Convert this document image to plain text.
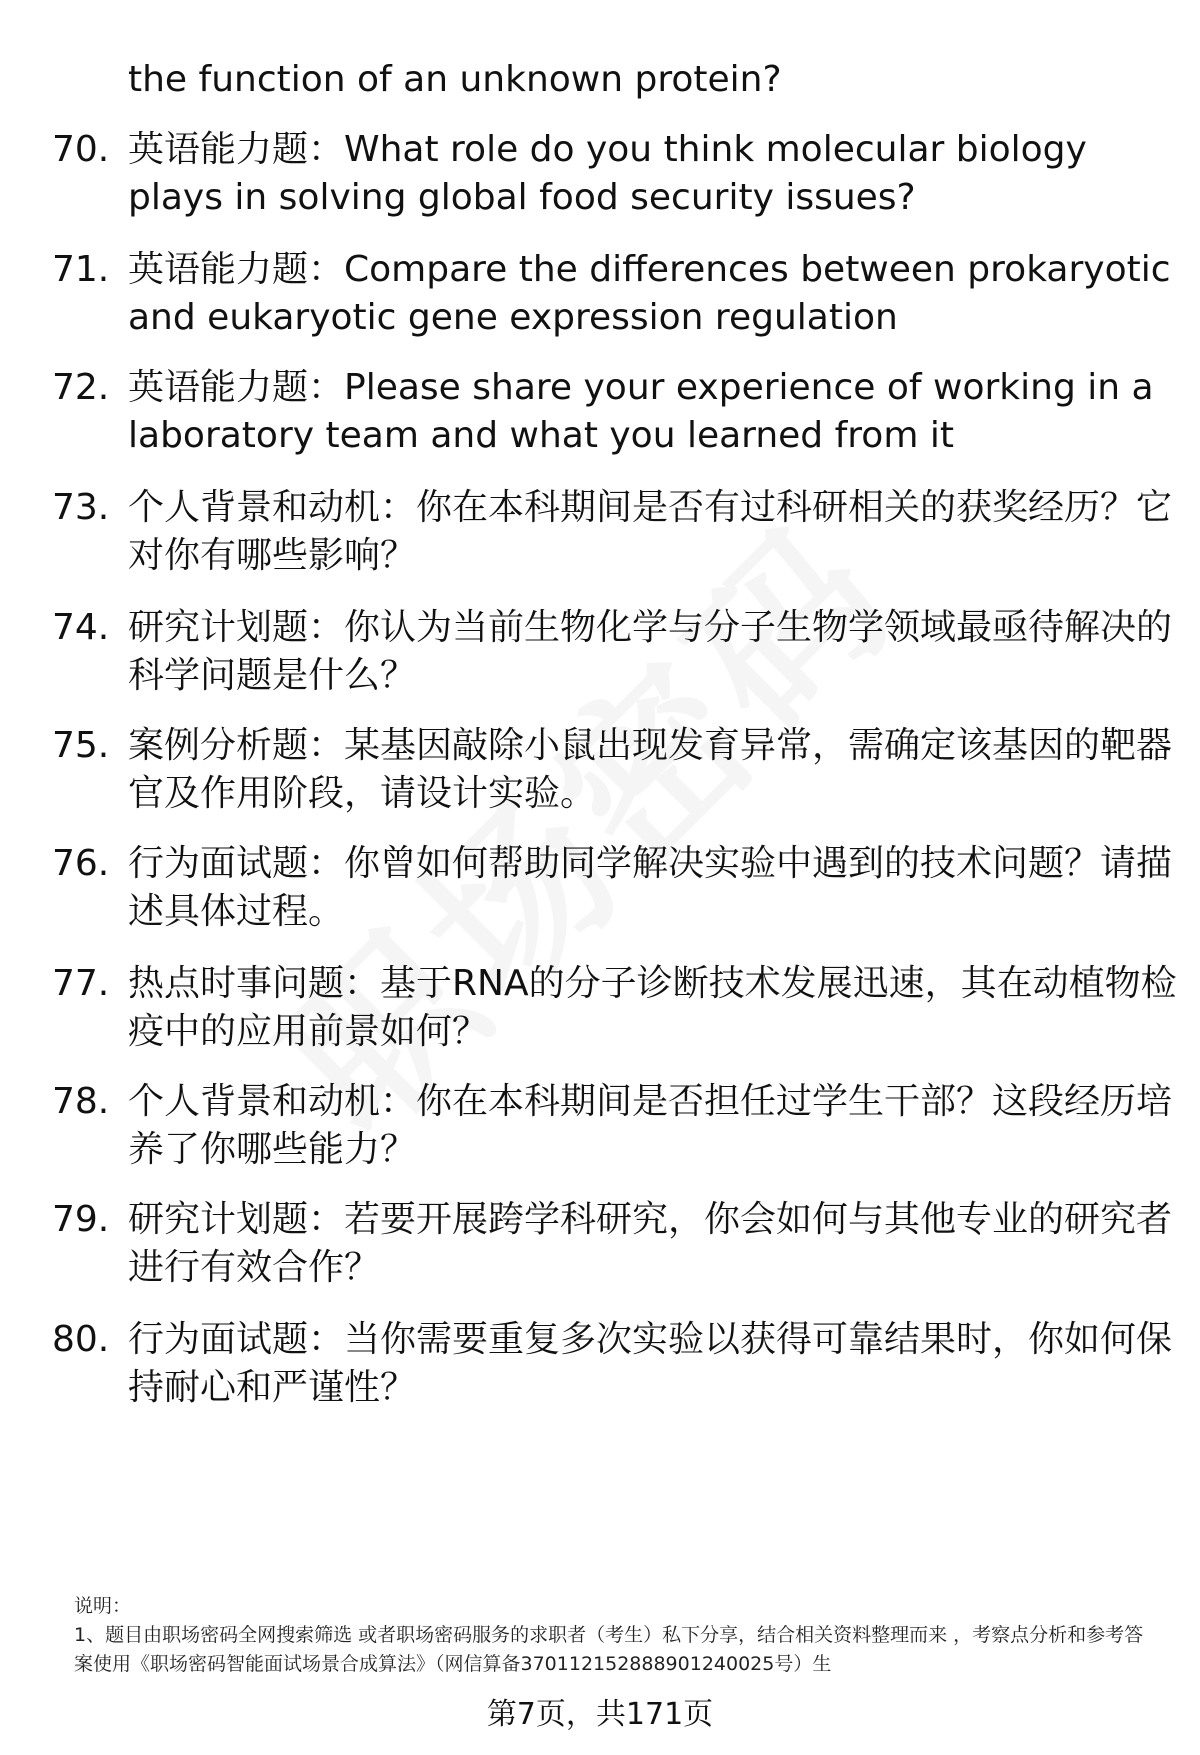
the function of an unknown protein?
70. 英语能力题：What role do you think molecular biology plays in solving global food security issues?
71. 英语能力题：Compare the differences between prokaryotic and eukaryotic gene expression regulation
72. 英语能力题：Please share your experience of working in a laboratory team and what you learned from it
73. 个人背景和动机：你在本科期间是否有过科研相关的获奖经历？它对你有哪些影响？
74. 研究计划题：你认为当前生物化学与分子生物学领域最亟待解决的科学问题是什么？
75. 案例分析题：某基因敲除小鼠出现发育异常，需确定该基因的靶器官及作用阶段，请设计实验。
76. 行为面试题：你曾如何帮助同学解决实验中遇到的技术问题？请描述具体过程。
77. 热点时事问题：基于RNA的分子诊断技术发展迅速，其在动植物检疫中的应用前景如何？
78. 个人背景和动机：你在本科期间是否担任过学生干部？这段经历培养了你哪些能力？
79. 研究计划题：若要开展跨学科研究，你会如何与其他专业的研究者进行有效合作？
80. 行为面试题：当你需要重复多次实验以获得可靠结果时，你如何保持耐心和严谨性？
说明：

1、题目由职场密码全网搜索筛选 或者职场密码服务的求职者（考生）私下分享，结合相关资料整理而来 ，考察点分析和参考答案使用《职场密码智能面试场景合成算法》（网信算备370112152888901240025号）生

第7页，共171页
